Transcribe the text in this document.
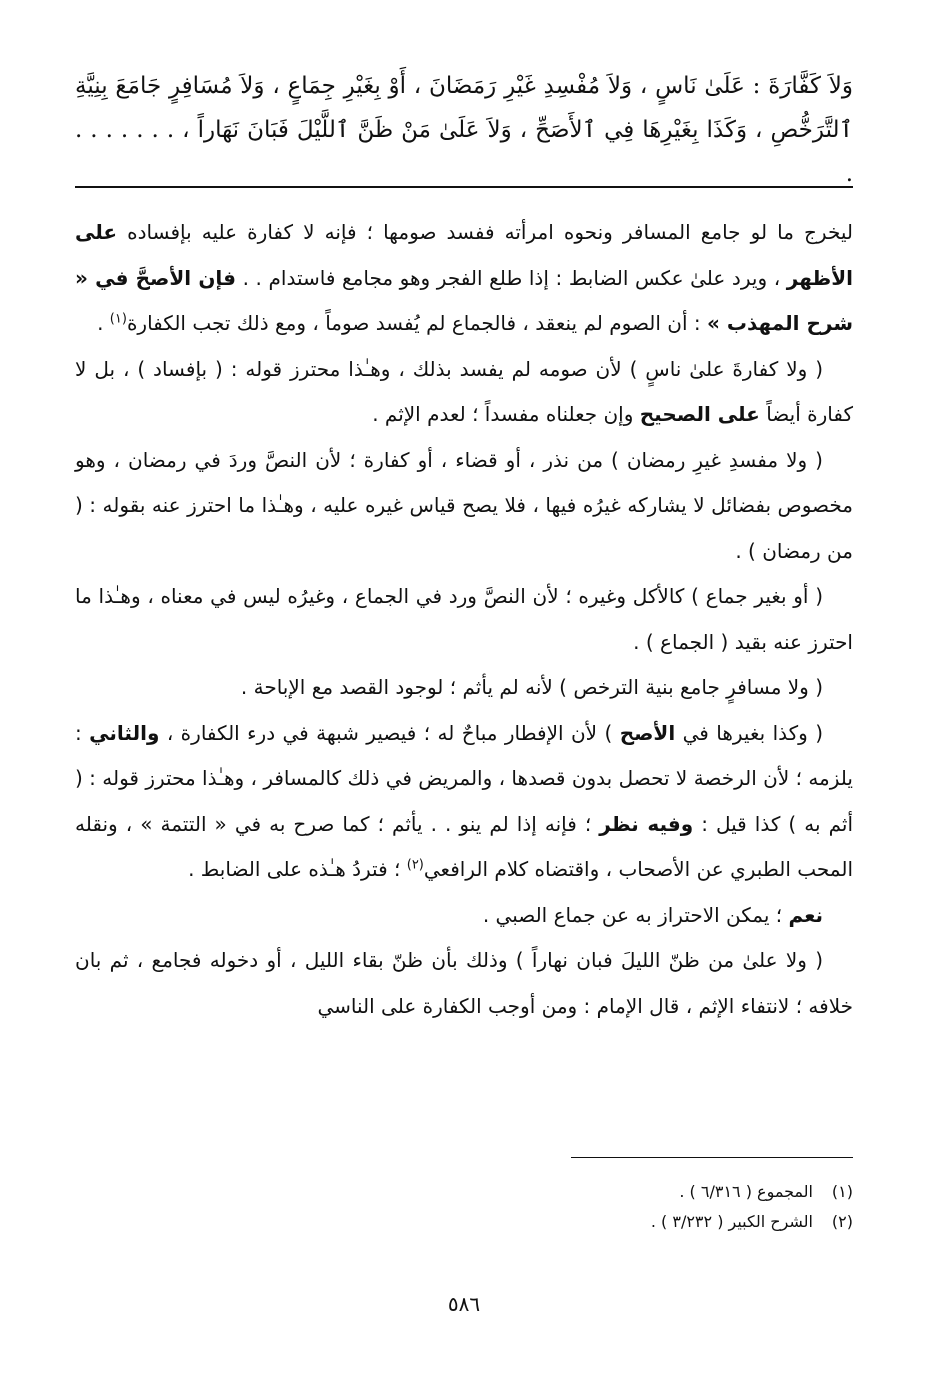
وَلاَ كَفَّارَةَ : عَلَىٰ نَاسٍ ، وَلاَ مُفْسِدِ غَيْرِ رَمَضَانَ ، أَوْ بِغَيْرِ جِمَاعٍ ، وَلاَ مُسَافِرٍ جَامَعَ بِنِيَّةِ ٱلتَّرَخُّصِ ، وَكَذَا بِغَيْرِهَا فِي ٱلأَصَحِّ ، وَلاَ عَلَىٰ مَنْ ظَنَّ ٱللَّيْلَ فَبَانَ نَهَاراً ، . . . . . . . .

ليخرج ما لو جامع المسافر ونحوه امرأته ففسد صومها ؛ فإنه لا كفارة عليه بإفساده على الأظهر ، ويرد علىٰ عكس الضابط : إذا طلع الفجر وهو مجامع فاستدام . . فإن الأصحَّ في « شرح المهذب » : أن الصوم لم ينعقد ، فالجماع لم يُفسد صوماً ، ومع ذلك تجب الكفارة$^{(١)}$ .

( ولا كفارةَ علىٰ ناسٍ ) لأن صومه لم يفسد بذلك ، وهـٰذا محترز قوله : ( بإفساد ) ، بل لا كفارة أيضاً على الصحيح وإن جعلناه مفسداً ؛ لعدم الإثم .

( ولا مفسدِ غيرِ رمضان ) من نذر ، أو قضاء ، أو كفارة ؛ لأن النصَّ وردَ في رمضان ، وهو مخصوص بفضائل لا يشاركه غيرُه فيها ، فلا يصح قياس غيره عليه ، وهـٰذا ما احترز عنه بقوله : ( من رمضان ) .

( أو بغير جماع ) كالأكل وغيره ؛ لأن النصَّ ورد في الجماع ، وغيرُه ليس في معناه ، وهـٰذا ما احترز عنه بقيد ( الجماع ) .

( ولا مسافرٍ جامع بنية الترخص ) لأنه لم يأثم ؛ لوجود القصد مع الإباحة .

( وكذا بغيرها في الأصح ) لأن الإفطار مباحٌ له ؛ فيصير شبهة في درء الكفارة ، والثاني : يلزمه ؛ لأن الرخصة لا تحصل بدون قصدها ، والمريض في ذلك كالمسافر ، وهـٰذا محترز قوله : ( أثم به ) كذا قيل : وفيه نظر ؛ فإنه إذا لم ينو . . يأثم ؛ كما صرح به في « التتمة » ، ونقله المحب الطبري عن الأصحاب ، واقتضاه كلام الرافعي$^{(٢)}$ ؛ فتردُ هـٰذه على الضابط .

نعم ؛ يمكن الاحتراز به عن جماع الصبي .

( ولا علىٰ من ظنّ الليلَ فبان نهاراً ) وذلك بأن ظنّ بقاء الليل ، أو دخوله فجامع ، ثم بان خلافه ؛ لانتفاء الإثم ، قال الإمام : ومن أوجب الكفارة على الناسي

(١)المجموع ( ٦/٣١٦ ) .
(٢)الشرح الكبير ( ٣/٢٣٢ ) .
٥٨٦
